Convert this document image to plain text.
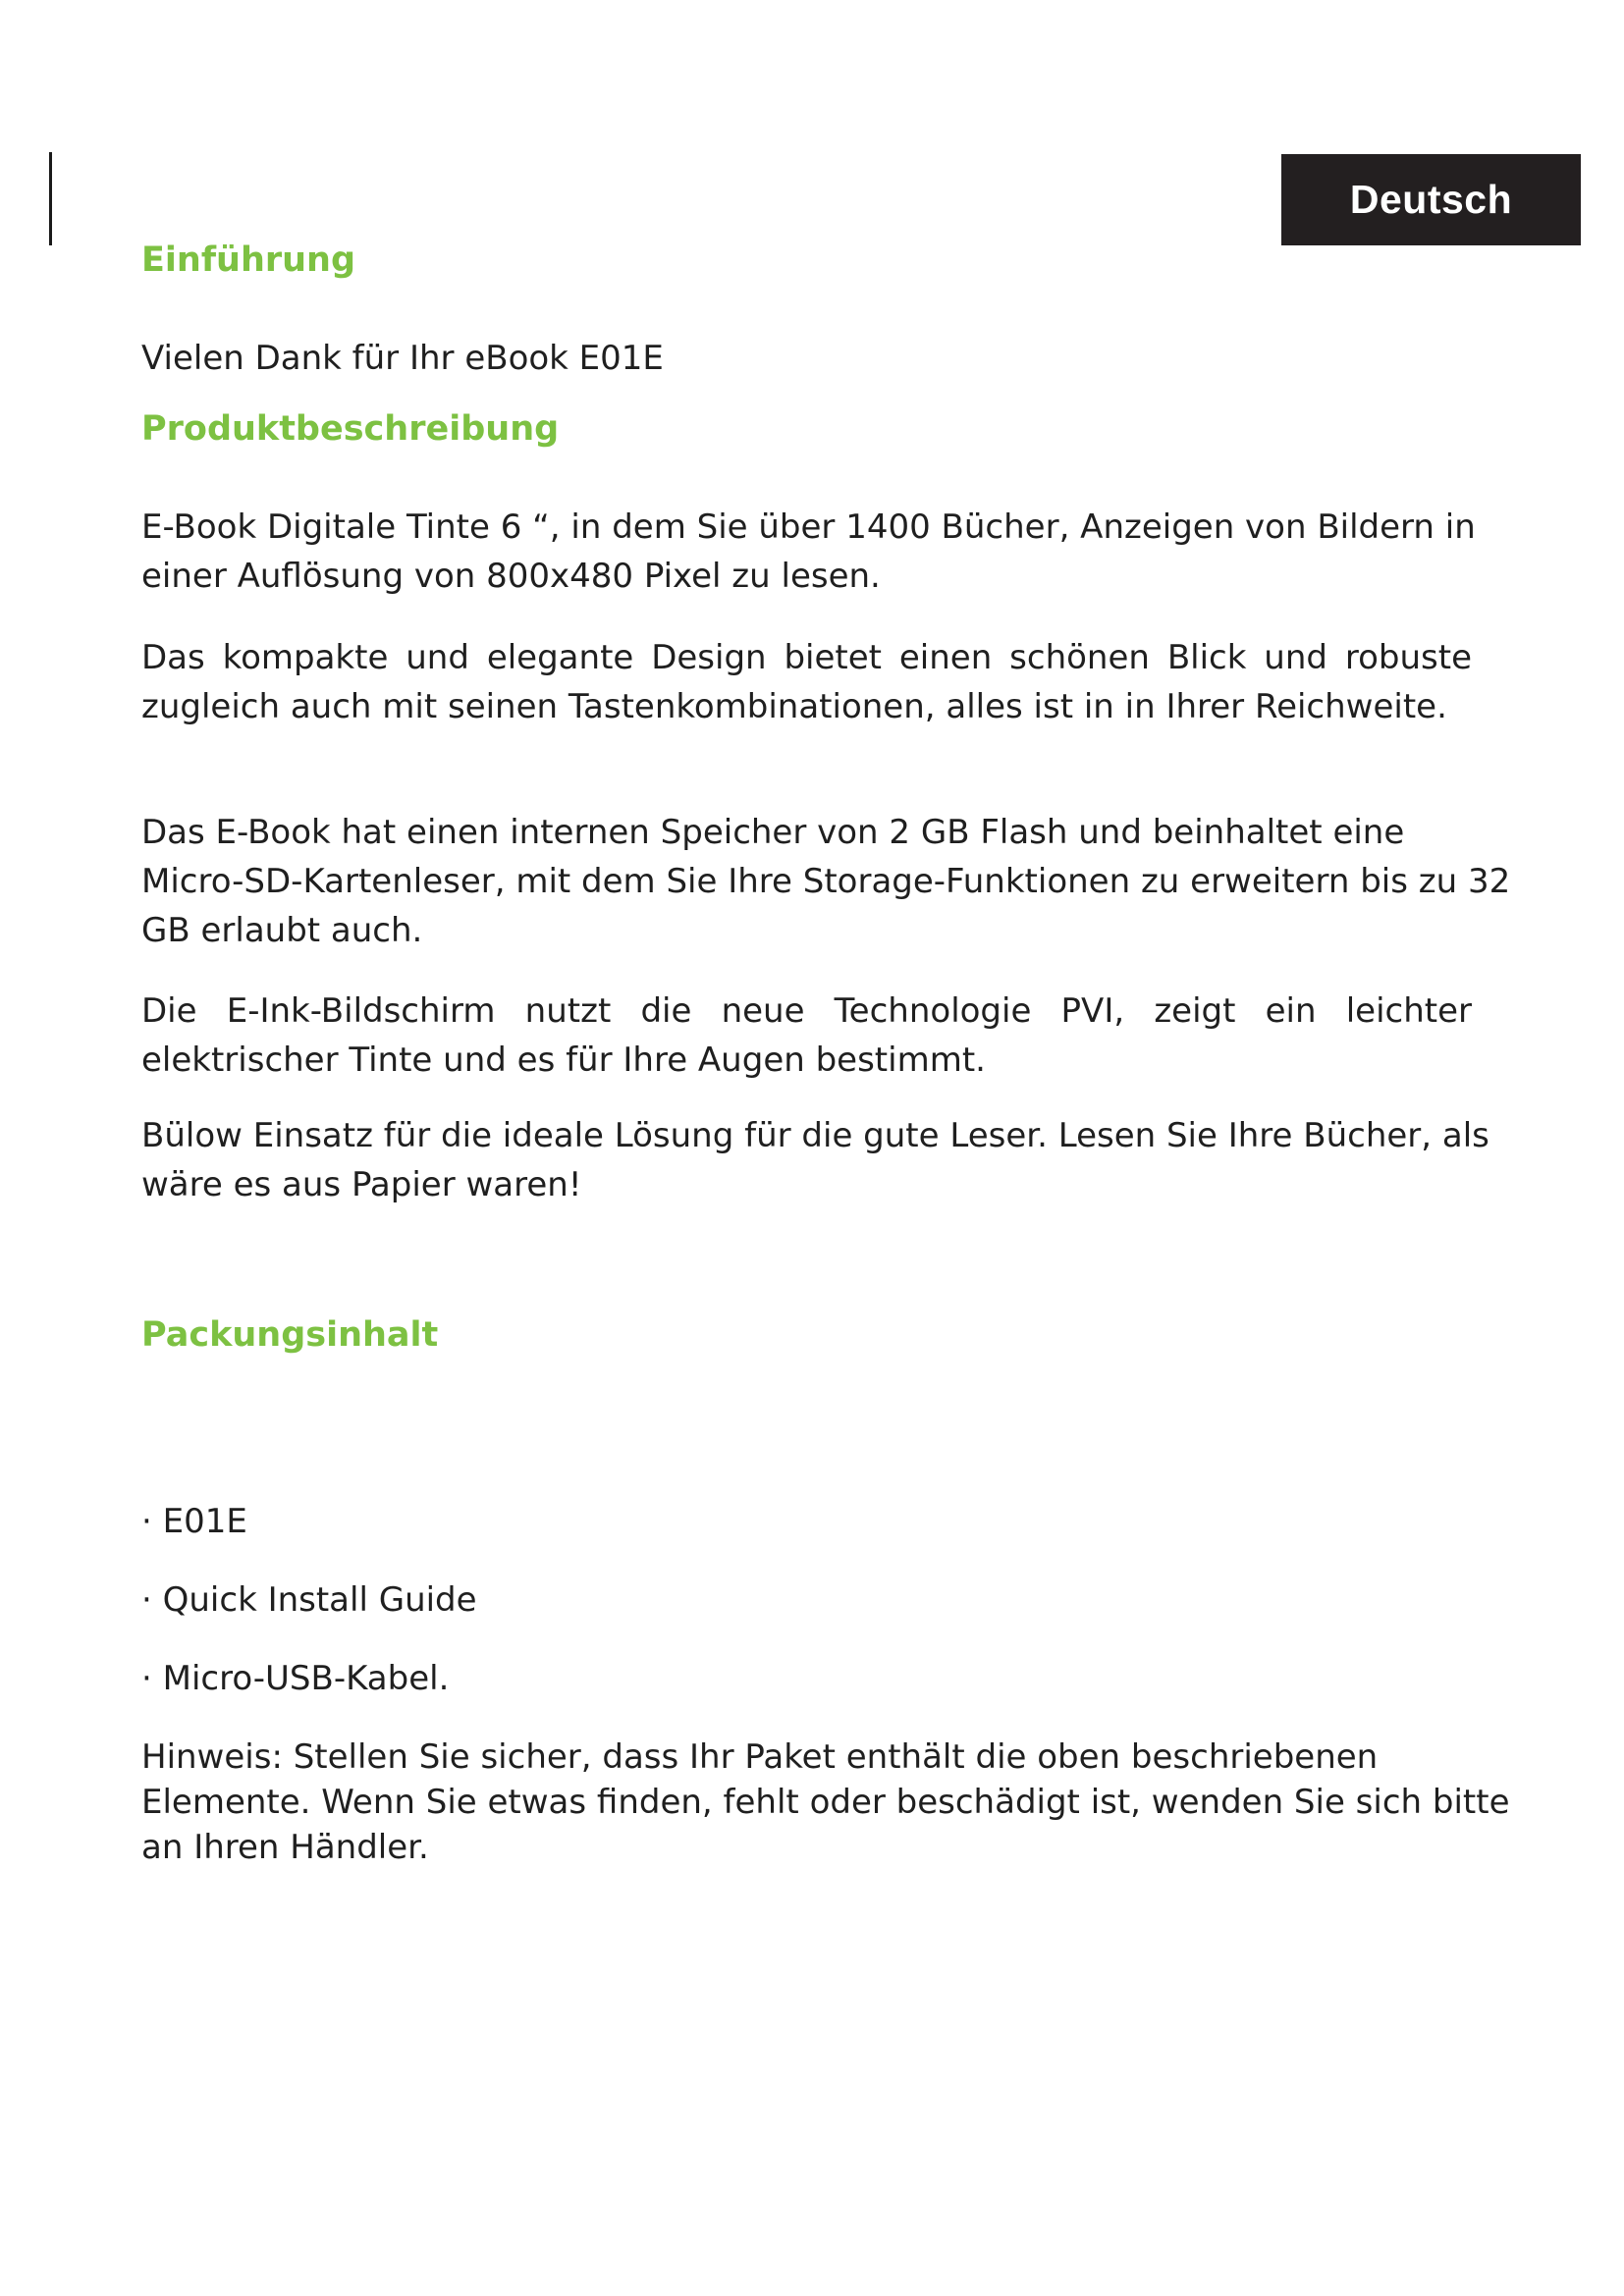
Deutsch
Einführung
Vielen Dank für Ihr eBook E01E
Produktbeschreibung
E-Book Digitale Tinte 6 “, in dem Sie über 1400 Bücher, Anzeigen von Bildern in einer Auflösung von 800x480 Pixel zu lesen.
Das kompakte und elegante Design bietet einen schönen Blick und robuste zugleich auch mit seinen Tastenkombinationen, alles ist in in Ihrer Reichweite.
Das E-Book hat einen internen Speicher von 2 GB Flash und beinhaltet eine Micro-SD-Kartenleser, mit dem Sie Ihre Storage-Funktionen zu erweitern bis zu 32 GB erlaubt auch.
Die E-Ink-Bildschirm nutzt die neue Technologie PVI, zeigt ein leichter elektrischer Tinte und es für Ihre Augen bestimmt.
Bülow Einsatz für die ideale Lösung für die gute Leser. Lesen Sie Ihre Bücher, als wäre es aus Papier waren!
Packungsinhalt
· E01E
· Quick Install Guide
· Micro-USB-Kabel.
Hinweis: Stellen Sie sicher, dass Ihr Paket enthält die oben beschriebenen Elemente. Wenn Sie etwas finden, fehlt oder beschädigt ist, wenden Sie sich bitte an Ihren Händler.
